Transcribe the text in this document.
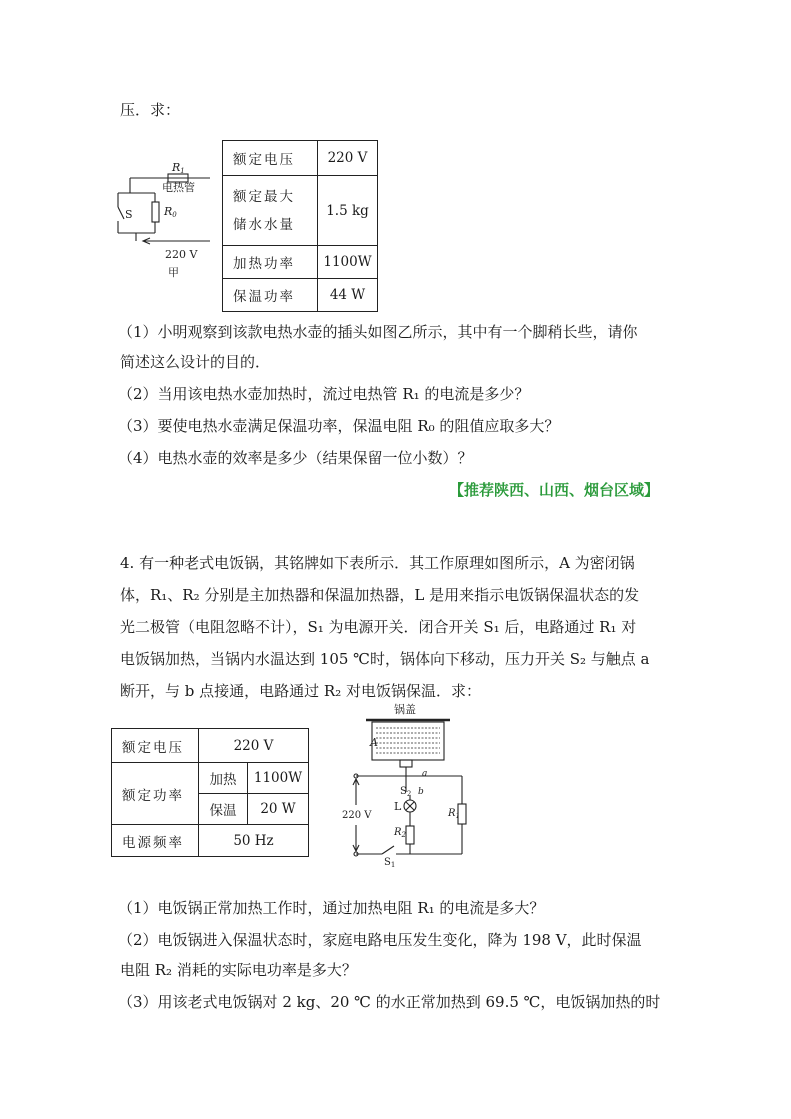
压．求：
R1
电热管
R0
S
220 V
甲
额定电压	220 V

额定最大
储水水量	1.5 kg
加热功率	1100W
保温功率	44 W
（1）小明观察到该款电热水壶的插头如图乙所示，其中有一个脚稍长些，请你
简述这么设计的目的．
（2）当用该电热水壶加热时，流过电热管 R₁ 的电流是多少？
（3）要使电热水壶满足保温功率，保温电阻 R₀ 的阻值应取多大？
（4）电热水壶的效率是多少（结果保留一位小数）？
【推荐陕西、山西、烟台区域】
4. 有一种老式电饭锅，其铭牌如下表所示．其工作原理如图所示，A 为密闭锅
体，R₁、R₂ 分别是主加热器和保温加热器，L 是用来指示电饭锅保温状态的发
光二极管（电阻忽略不计），S₁ 为电源开关．闭合开关 S₁ 后，电路通过 R₁ 对
电饭锅加热，当锅内水温达到 105 ℃时，锅体向下移动，压力开关 S₂ 与触点 a
断开，与 b 点接通，电路通过 R₂ 对电饭锅保温．求：
额定电压	220 V	
额定功率	加热	1100W
	保温	20 W
电源频率	50 Hz	
锅盖
A
a
$S_2$ b
L
$R_2$
$R_1$
$S_1$
220 V
（1）电饭锅正常加热工作时，通过加热电阻 R₁ 的电流是多大？
（2）电饭锅进入保温状态时，家庭电路电压发生变化，降为 198 V，此时保温
电阻 R₂ 消耗的实际电功率是多大？
（3）用该老式电饭锅对 2 kg、20 ℃ 的水正常加热到 69.5 ℃，电饭锅加热的时
